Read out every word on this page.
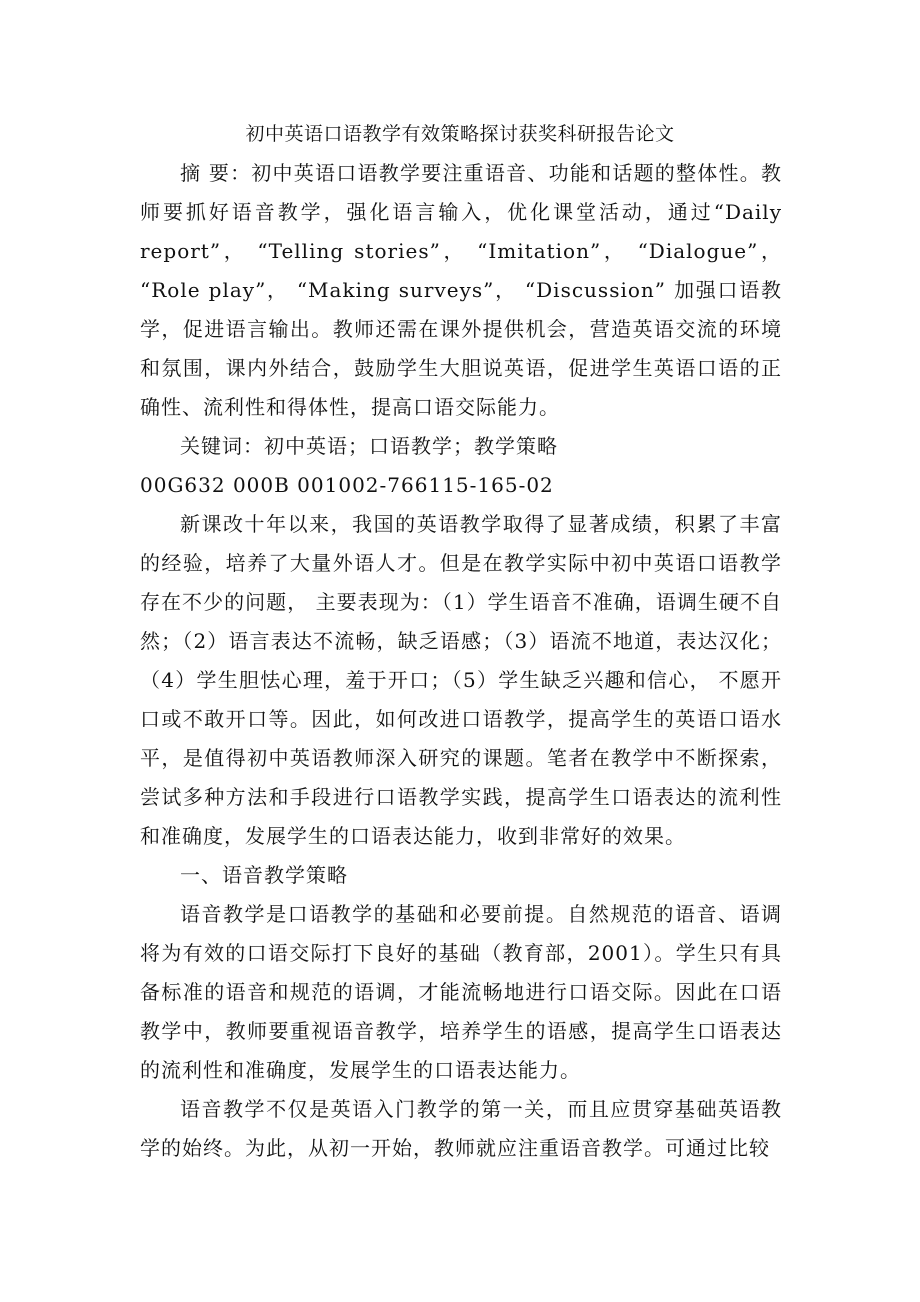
初中英语口语教学有效策略探讨获奖科研报告论文

摘 要：初中英语口语教学要注重语音、功能和话题的整体性。教师要抓好语音教学，强化语言输入，优化课堂活动，通过“Daily report”， “Telling stories”， “Imitation”， “Dialogue”， “Role play”， “Making surveys”， “Discussion” 加强口语教学，促进语言输出。教师还需在课外提供机会，营造英语交流的环境和氛围，课内外结合，鼓励学生大胆说英语，促进学生英语口语的正确性、流利性和得体性，提高口语交际能力。

关键词：初中英语；口语教学；教学策略

00G632 000B 001002-766115-165-02

新课改十年以来，我国的英语教学取得了显著成绩，积累了丰富的经验，培养了大量外语人才。但是在教学实际中初中英语口语教学存在不少的问题， 主要表现为：（1）学生语音不准确，语调生硬不自然；（2）语言表达不流畅，缺乏语感；（3）语流不地道，表达汉化；（4）学生胆怯心理，羞于开口；（5）学生缺乏兴趣和信心， 不愿开口或不敢开口等。因此，如何改进口语教学，提高学生的英语口语水平，是值得初中英语教师深入研究的课题。笔者在教学中不断探索，尝试多种方法和手段进行口语教学实践，提高学生口语表达的流利性和准确度，发展学生的口语表达能力，收到非常好的效果。

一、语音教学策略

语音教学是口语教学的基础和必要前提。自然规范的语音、语调将为有效的口语交际打下良好的基础（教育部，2001）。学生只有具备标准的语音和规范的语调，才能流畅地进行口语交际。因此在口语教学中，教师要重视语音教学，培养学生的语感，提高学生口语表达的流利性和准确度，发展学生的口语表达能力。

语音教学不仅是英语入门教学的第一关，而且应贯穿基础英语教学的始终。为此，从初一开始，教师就应注重语音教学。可通过比较
